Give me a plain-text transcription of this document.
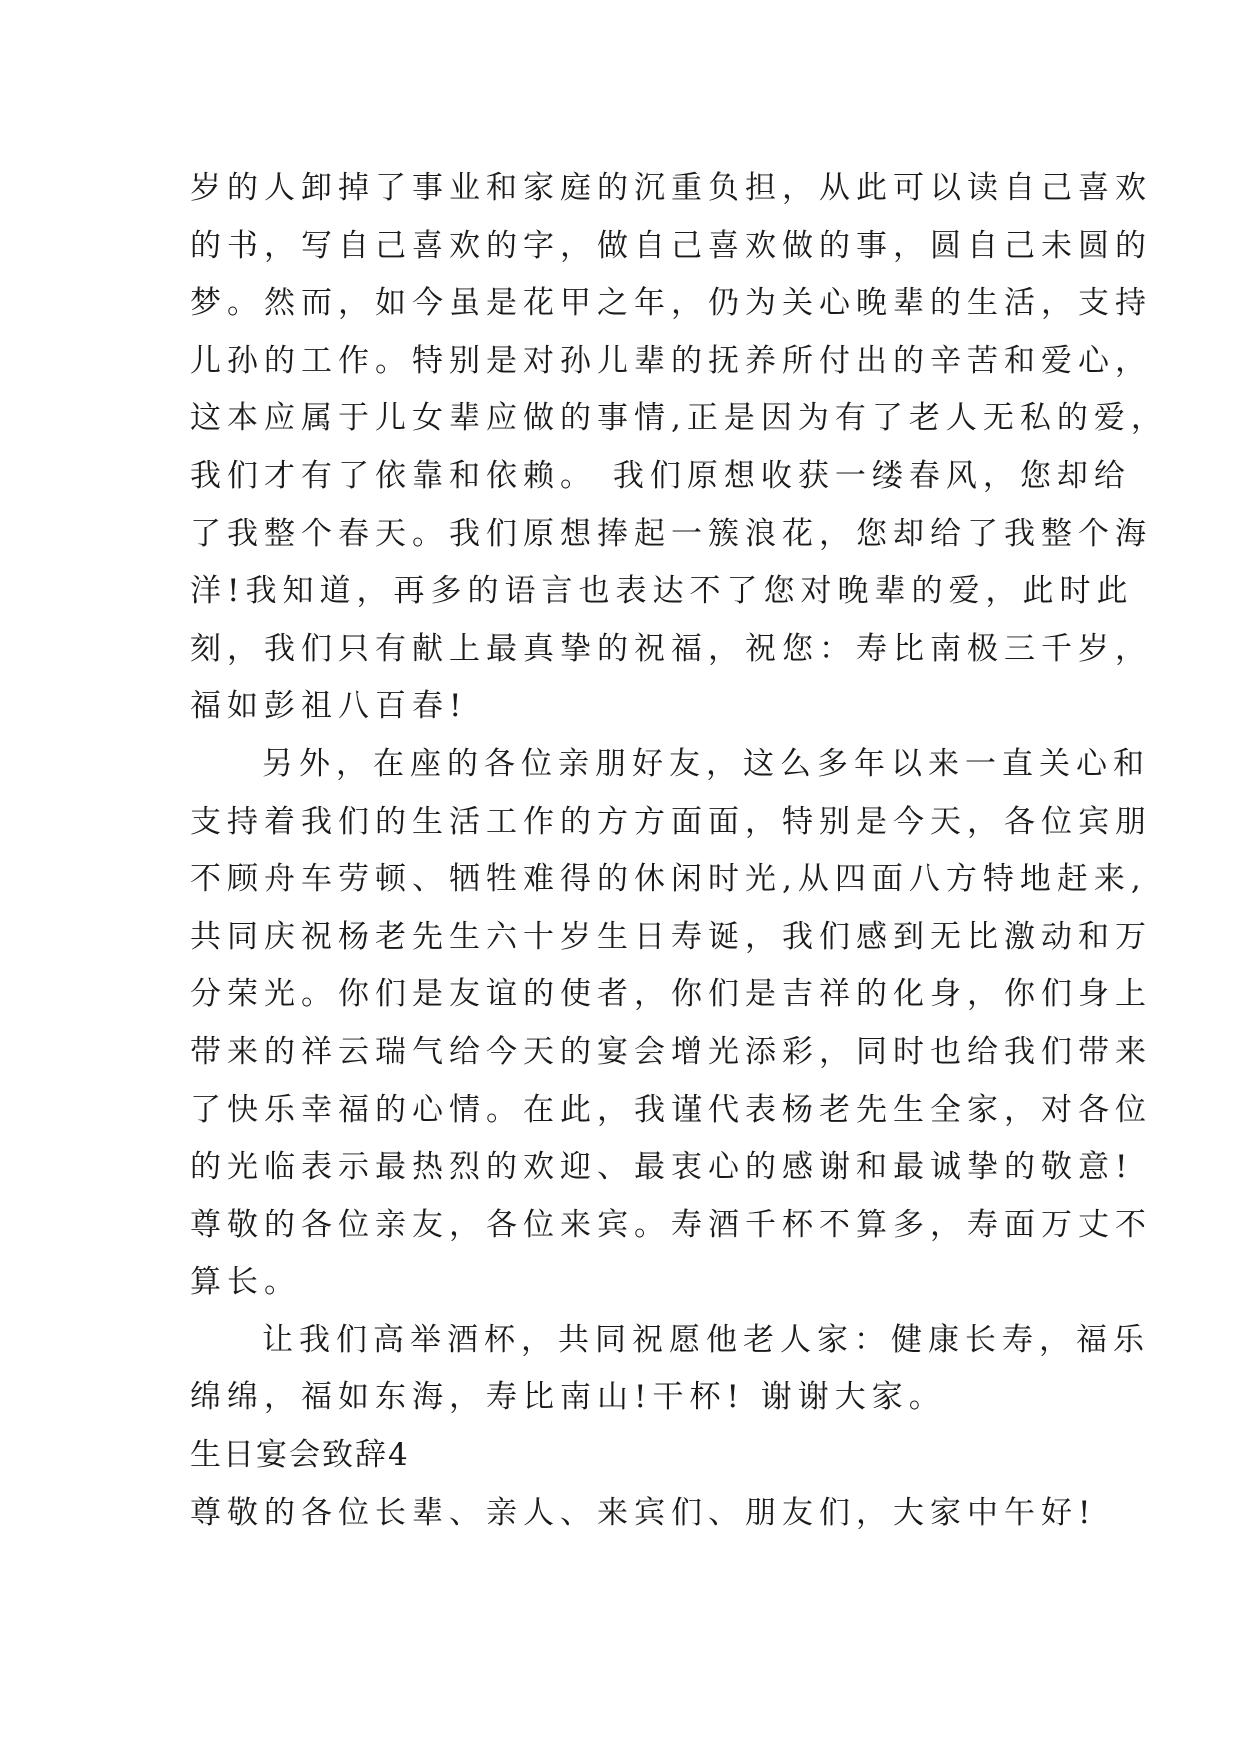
岁的人卸掉了事业和家庭的沉重负担，从此可以读自己喜欢
的书，写自己喜欢的字，做自己喜欢做的事，圆自己未圆的
梦。然而，如今虽是花甲之年，仍为关心晚辈的生活，支持
儿孙的工作。特别是对孙儿辈的抚养所付出的辛苦和爱心，
这本应属于儿女辈应做的事情,正是因为有了老人无私的爱，
我们才有了依靠和依赖。 我们原想收获一缕春风，您却给
了我整个春天。我们原想捧起一簇浪花，您却给了我整个海
洋!我知道，再多的语言也表达不了您对晚辈的爱，此时此
刻，我们只有献上最真挚的祝福，祝您：寿比南极三千岁，
福如彭祖八百春!
另外，在座的各位亲朋好友，这么多年以来一直关心和
支持着我们的生活工作的方方面面，特别是今天，各位宾朋
不顾舟车劳顿、牺牲难得的休闲时光,从四面八方特地赶来,
共同庆祝杨老先生六十岁生日寿诞，我们感到无比激动和万
分荣光。你们是友谊的使者，你们是吉祥的化身，你们身上
带来的祥云瑞气给今天的宴会增光添彩，同时也给我们带来
了快乐幸福的心情。在此，我谨代表杨老先生全家，对各位
的光临表示最热烈的欢迎、最衷心的感谢和最诚挚的敬意!
尊敬的各位亲友，各位来宾。寿酒千杯不算多，寿面万丈不
算长。
让我们高举酒杯，共同祝愿他老人家：健康长寿，福乐
绵绵，福如东海，寿比南山!干杯! 谢谢大家。
生日宴会致辞4
尊敬的各位长辈、亲人、来宾们、朋友们，大家中午好!
